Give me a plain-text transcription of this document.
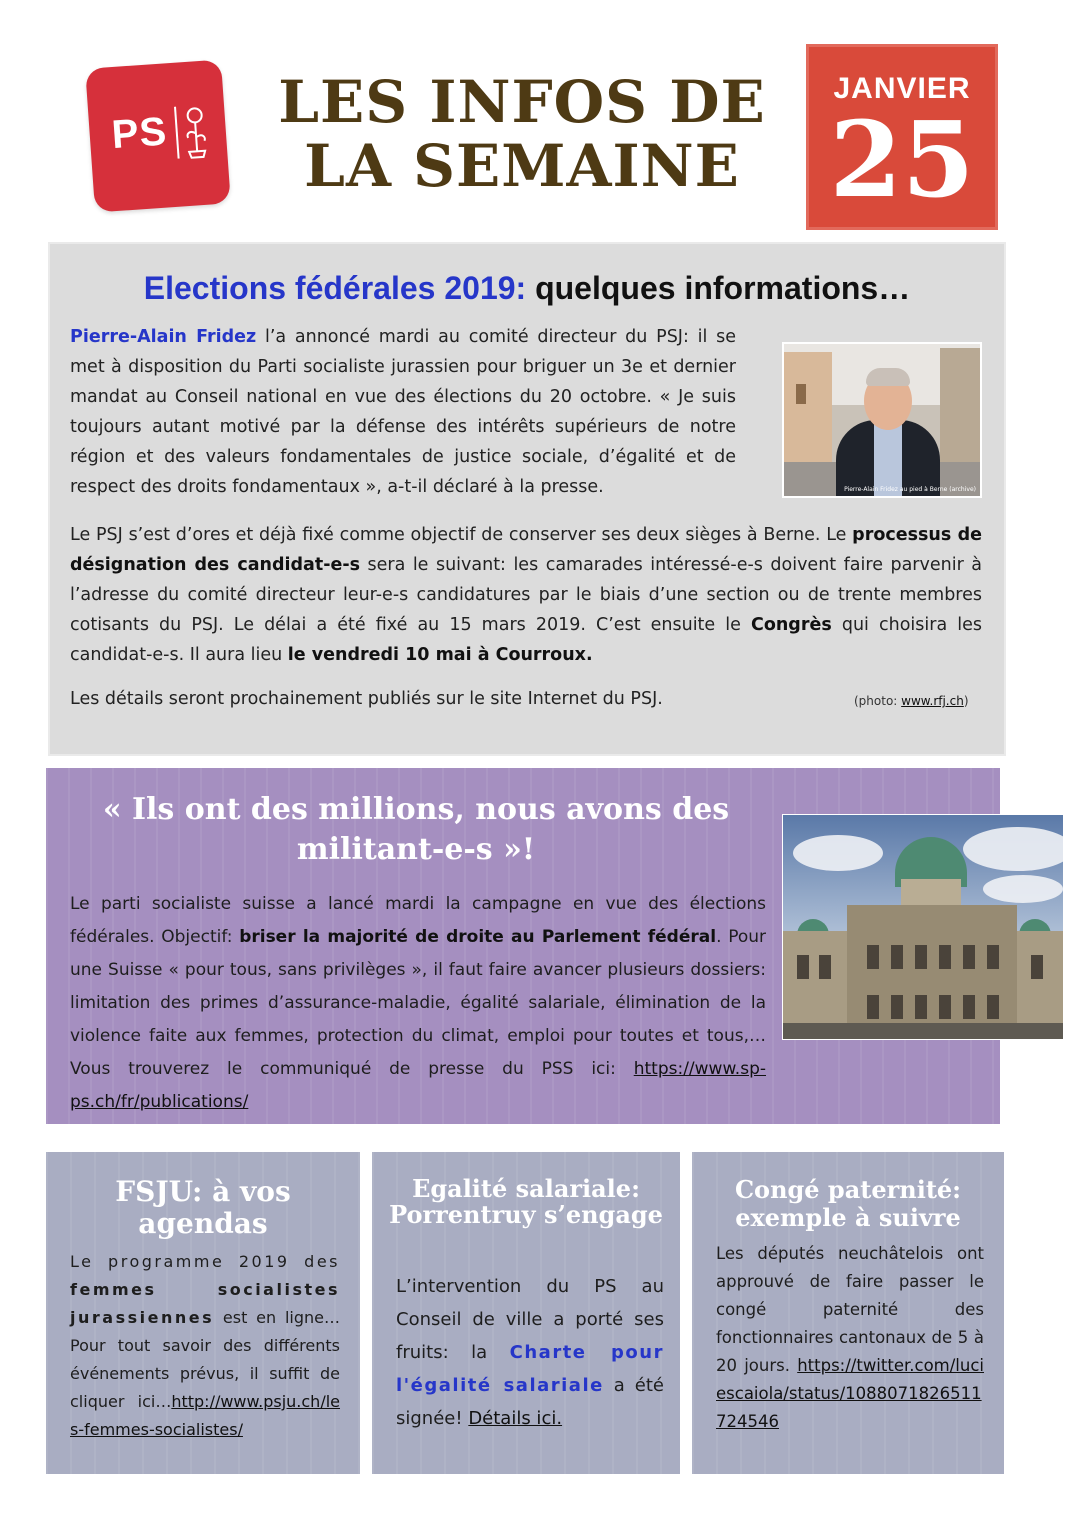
PS	LES INFOS DE
LA SEMAINE
JANVIER
25
Elections fédérales 2019: quelques informations…
Pierre-Alain Fridez l’a annoncé mardi au comité directeur du PSJ: il se met à disposition du Parti socialiste jurassien pour briguer un 3e et dernier mandat au Conseil national en vue des élections du 20 octobre. « Je suis toujours autant motivé par la défense des intérêts supérieurs de notre région et des valeurs fondamentales de justice sociale, d’égalité et de respect des droits fondamentaux », a-t-il déclaré à la presse.	Pierre-Alain Fridez au pied à Berne (archive)
Le PSJ s’est d’ores et déjà fixé comme objectif de conserver ses deux sièges à Berne. Le processus de désignation des candidat-e-s sera le suivant: les camarades intéressé-e-s doivent faire parvenir à l’adresse du comité directeur leur-e-s candidatures par le biais d’une section ou de trente membres cotisants du PSJ. Le délai a été fixé au 15 mars 2019. C’est ensuite le Congrès qui choisira les candidat-e-s. Il aura lieu le vendredi 10 mai à Courroux.
Les détails seront prochainement publiés sur le site Internet du PSJ.	(photo: www.rfj.ch)
« Ils ont des millions, nous avons des militant-e-s »!
Le parti socialiste suisse a lancé mardi la campagne en vue des élections fédérales. Objectif: briser la majorité de droite au Parlement fédéral. Pour une Suisse « pour tous, sans privilèges », il faut faire avancer plusieurs dossiers: limitation des primes d’assurance-maladie, égalité salariale, élimination de la violence faite aux femmes, protection du climat, emploi pour toutes et tous,… Vous trouverez le communiqué de presse du PSS ici: https://www.sp-ps.ch/fr/publications/
FSJU: à vos agendas
Le programme 2019 des femmes socialistes jurassiennes est en ligne…Pour tout savoir des différents événements prévus, il suffit de cliquer ici…http://www.psju.ch/les-femmes-socialistes/
Egalité salariale: Porrentruy s’engage
L’intervention du PS au Conseil de ville a porté ses fruits: la Charte pour l'égalité salariale a été signée! Détails ici.
Congé paternité: exemple à suivre
Les députés neuchâtelois ont approuvé de faire passer le congé paternité des fonctionnaires cantonaux de 5 à 20 jours. https://twitter.com/luciescaiola/status/1088071826511724546
